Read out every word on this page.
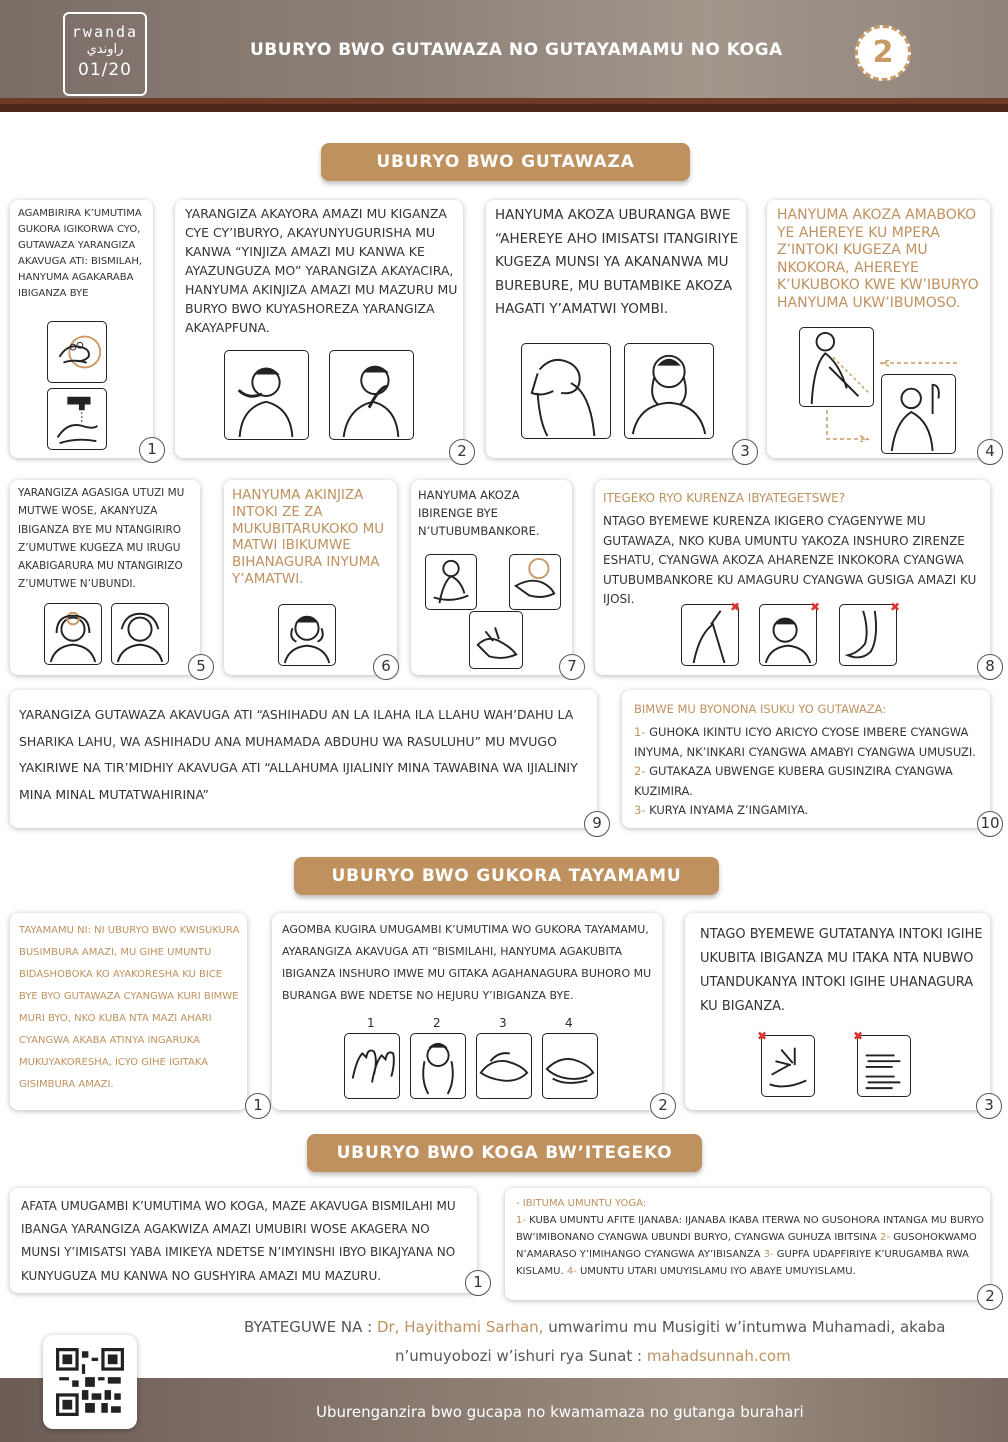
rwanda
راوندي
01/20
UBURYO BWO GUTAWAZA NO GUTAYAMAMU NO KOGA	2
UBURYO BWO GUTAWAZA
AGAMBIRIRA K’UMUTIMA GUKORA IGIKORWA CYO, GUTAWAZA YARANGIZA AKAVUGA ATI: BISMILAH, HANYUMA AGAKARABA IBIGANZA BYE
1
YARANGIZA AKAYORA AMAZI MU KIGANZA CYE CY’IBURYO, AKAYUNYUGURISHA MU KANWA “YINJIZA AMAZI MU KANWA KE AYAZUNGUZA MO” YARANGIZA AKAYACIRA, HANYUMA AKINJIZA AMAZI MU MAZURU MU BURYO BWO KUYASHOREZA YARANGIZA AKAYAPFUNA.
2
HANYUMA AKOZA UBURANGA BWE “AHEREYE AHO IMISATSI ITANGIRIYE KUGEZA MUNSI YA AKANANWA MU BUREBURE, MU BUTAMBIKE AKOZA HAGATI Y’AMATWI YOMBI.
3
HANYUMA AKOZA AMABOKO YE AHEREYE KU MPERA Z’INTOKI KUGEZA MU NKOKORA, AHEREYE K’UKUBOKO KWE KW’IBURYO HANYUMA UKW’IBUMOSO.
4
YARANGIZA AGASIGA UTUZI MU MUTWE WOSE, AKANYUZA IBIGANZA BYE MU NTANGIRIRO Z’UMUTWE KUGEZA MU IRUGU AKABIGARURA MU NTANGIRIZO Z’UMUTWE N’UBUNDI.
5
HANYUMA AKINJIZA INTOKI ZE ZA MUKUBITARUKOKO MU MATWI IBIKUMWE BIHANAGURA INYUMA Y’AMATWI.
6
HANYUMA AKOZA IBIRENGE BYE N’UTUBUMBANKORE.
7
ITEGEKO RYO KURENZA IBYATEGETSWE?
NTAGO BYEMEWE KURENZA IKIGERO CYAGENYWE MU GUTAWAZA, NKO KUBA UMUNTU YAKOZA INSHURO ZIRENZE ESHATU, CYANGWA AKOZA AHARENZE INKOKORA CYANGWA UTUBUMBANKORE KU AMAGURU CYANGWA GUSIGA AMAZI KU IJOSI.
✖	✖	✖
8
YARANGIZA GUTAWAZA AKAVUGA ATI “ASHIHADU AN LA ILAHA ILA LLAHU WAH’DAHU LA SHARIKA LAHU, WA ASHIHADU ANA MUHAMADA ABDUHU WA RASULUHU” MU MVUGO YAKIRIWE NA TIR’MIDHIY AKAVUGA ATI “ALLAHUMA IJIALINIY MINA TAWABINA WA IJIALINIY MINA MINAL MUTATWAHIRINA”
9
BIMWE MU BYONONA ISUKU YO GUTAWAZA:
1- GUHOKA IKINTU ICYO ARICYO CYOSE IMBERE CYANGWA INYUMA, NK’INKARI CYANGWA AMABYI CYANGWA UMUSUZI.
2- GUTAKAZA UBWENGE KUBERA GUSINZIRA CYANGWA KUZIMIRA.
3- KURYA INYAMA Z’INGAMIYA.
10
UBURYO BWO GUKORA TAYAMAMU
TAYAMAMU NI: NI UBURYO BWO KWISUKURA BUSIMBURA AMAZI, MU GIHE UMUNTU BIDASHOBOKA KO AYAKORESHA KU BICE BYE BYO GUTAWAZA CYANGWA KURI BIMWE MURI BYO, NKO KUBA NTA MAZI AHARI CYANGWA AKABA ATINYA INGARUKA MUKUYAKORESHA, ICYO GIHE IGITAKA GISIMBURA AMAZI.
1
AGOMBA KUGIRA UMUGAMBI K’UMUTIMA WO GUKORA TAYAMAMU, AYARANGIZA AKAVUGA ATI “BISMILAHI, HANYUMA AGAKUBITA IBIGANZA INSHURO IMWE MU GITAKA AGAHANAGURA BUHORO MU BURANGA BWE NDETSE NO HEJURU Y’IBIGANZA BYE.
1	2	3	4
2
NTAGO BYEMEWE GUTATANYA INTOKI IGIHE UKUBITA IBIGANZA MU ITAKA NTA NUBWO UTANDUKANYA INTOKI IGIHE UHANAGURA KU BIGANZA.
✖	✖
3
UBURYO BWO KOGA BW’ITEGEKO
AFATA UMUGAMBI K’UMUTIMA WO KOGA, MAZE AKAVUGA BISMILAHI MU IBANGA YARANGIZA AGAKWIZA AMAZI UMUBIRI WOSE AKAGERA NO MUNSI Y’IMISATSI YABA IMIKEYA NDETSE N’IMYINSHI IBYO BIKAJYANA NO KUNYUGUZA MU KANWA NO GUSHYIRA AMAZI MU MAZURU.	1
- IBITUMA UMUNTU YOGA:
1- KUBA UMUNTU AFITE IJANABA: IJANABA IKABA ITERWA NO GUSOHORA INTANGA MU BURYO BW’IMIBONANO CYANGWA UBUNDI BURYO, CYANGWA GUHUZA IBITSINA 2- GUSOHOKWAMO N’AMARASO Y’IMIHANGO CYANGWA AY’IBISANZA 3- GUPFA UDAPFIRIYE K’URUGAMBA RWA KISLAMU. 4- UMUNTU UTARI UMUYISLAMU IYO ABAYE UMUYISLAMU.
2
BYATEGUWE NA : Dr, Hayithami Sarhan, umwarimu mu Musigiti w’intumwa Muhamadi, akaba
n’umuyobozi w’ishuri rya Sunat : mahadsunnah.com
Uburenganzira bwo gucapa no kwamamaza no gutanga burahari
